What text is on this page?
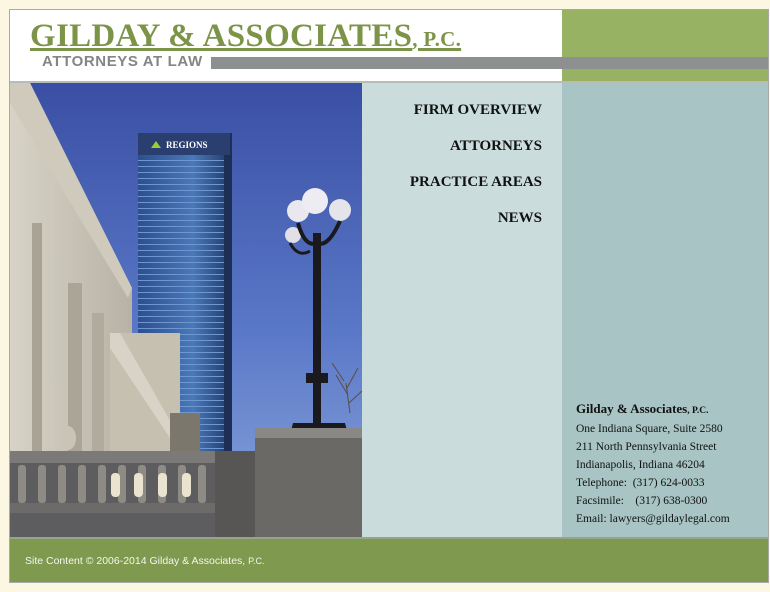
GILDAY & ASSOCIATES, P.C.
ATTORNEYS AT LAW
REGIONS
FIRM OVERVIEW
ATTORNEYS
PRACTICE AREAS
NEWS
Gilday & Associates, P.C.
One Indiana Square, Suite 2580
211 North Pennsylvania Street
Indianapolis, Indiana 46204
Telephone: (317) 624-0033
Facsimile: (317) 638-0300
Email: lawyers@gildaylegal.com
Site Content © 2006-2014 Gilday & Associates, P.C.
